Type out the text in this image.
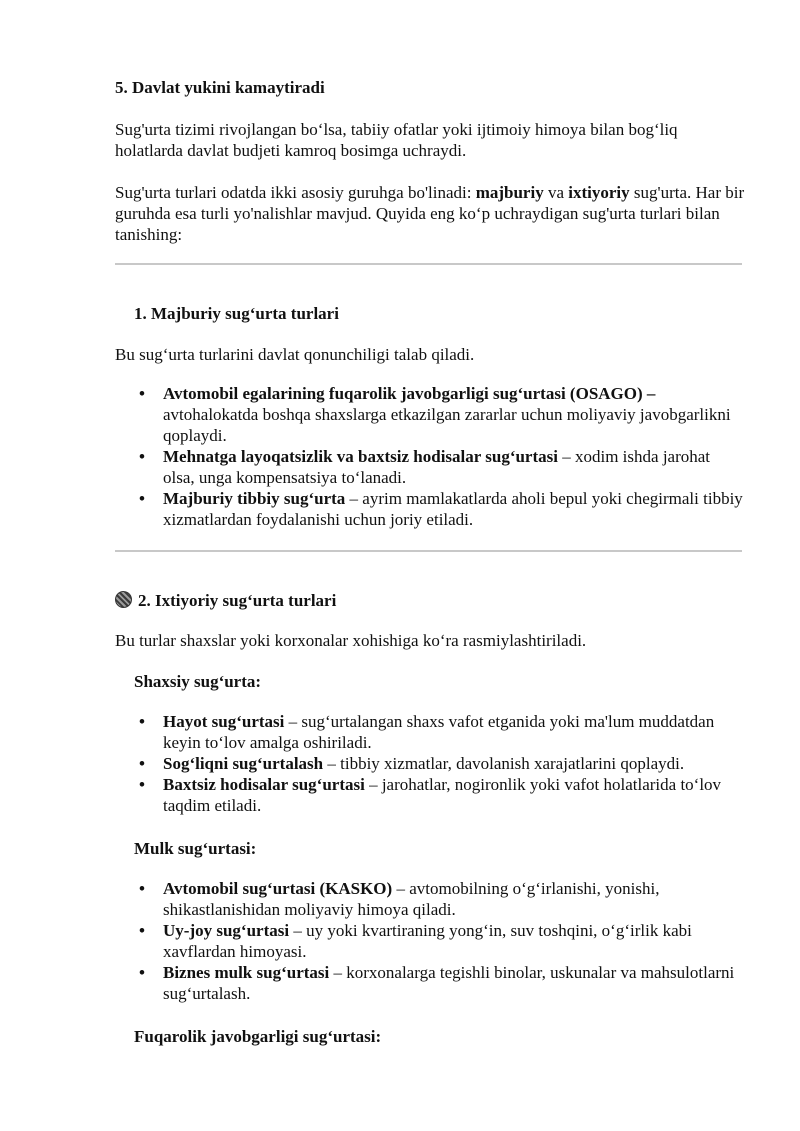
5. Davlat yukini kamaytiradi

Sug'urta tizimi rivojlangan bo‘lsa, tabiiy ofatlar yoki ijtimoiy himoya bilan bog‘liq holatlarda davlat budjeti kamroq bosimga uchraydi.

Sug'urta turlari odatda ikki asosiy guruhga bo'linadi: majburiy va ixtiyoriy sug'urta. Har bir guruhda esa turli yo'nalishlar mavjud. Quyida eng ko‘p uchraydigan sug'urta turlari bilan tanishing:

1. Majburiy sug‘urta turlari

Bu sug‘urta turlarini davlat qonunchiligi talab qiladi.

• Avtomobil egalarining fuqarolik javobgarligi sug‘urtasi (OSAGO) – avtohalokatda boshqa shaxslarga etkazilgan zararlar uchun moliyaviy javobgarlikni qoplaydi.
• Mehnatga layoqatsizlik va baxtsiz hodisalar sug‘urtasi – xodim ishda jarohat olsa, unga kompensatsiya to‘lanadi.
• Majburiy tibbiy sug‘urta – ayrim mamlakatlarda aholi bepul yoki chegirmali tibbiy xizmatlardan foydalanishi uchun joriy etiladi.

2. Ixtiyoriy sug‘urta turlari

Bu turlar shaxslar yoki korxonalar xohishiga ko‘ra rasmiylashtiriladi.

Shaxsiy sug‘urta:

• Hayot sug‘urtasi – sug‘urtalangan shaxs vafot etganida yoki ma'lum muddatdan keyin to‘lov amalga oshiriladi.
• Sog‘liqni sug‘urtalash – tibbiy xizmatlar, davolanish xarajatlarini qoplaydi.
• Baxtsiz hodisalar sug‘urtasi – jarohatlar, nogironlik yoki vafot holatlarida to‘lov taqdim etiladi.

Mulk sug‘urtasi:

• Avtomobil sug‘urtasi (KASKO) – avtomobilning o‘g‘irlanishi, yonishi, shikastlanishidan moliyaviy himoya qiladi.
• Uy-joy sug‘urtasi – uy yoki kvartiraning yong‘in, suv toshqini, o‘g‘irlik kabi xavflardan himoyasi.
• Biznes mulk sug‘urtasi – korxonalarga tegishli binolar, uskunalar va mahsulotlarni sug‘urtalash.

Fuqarolik javobgarligi sug‘urtasi:
